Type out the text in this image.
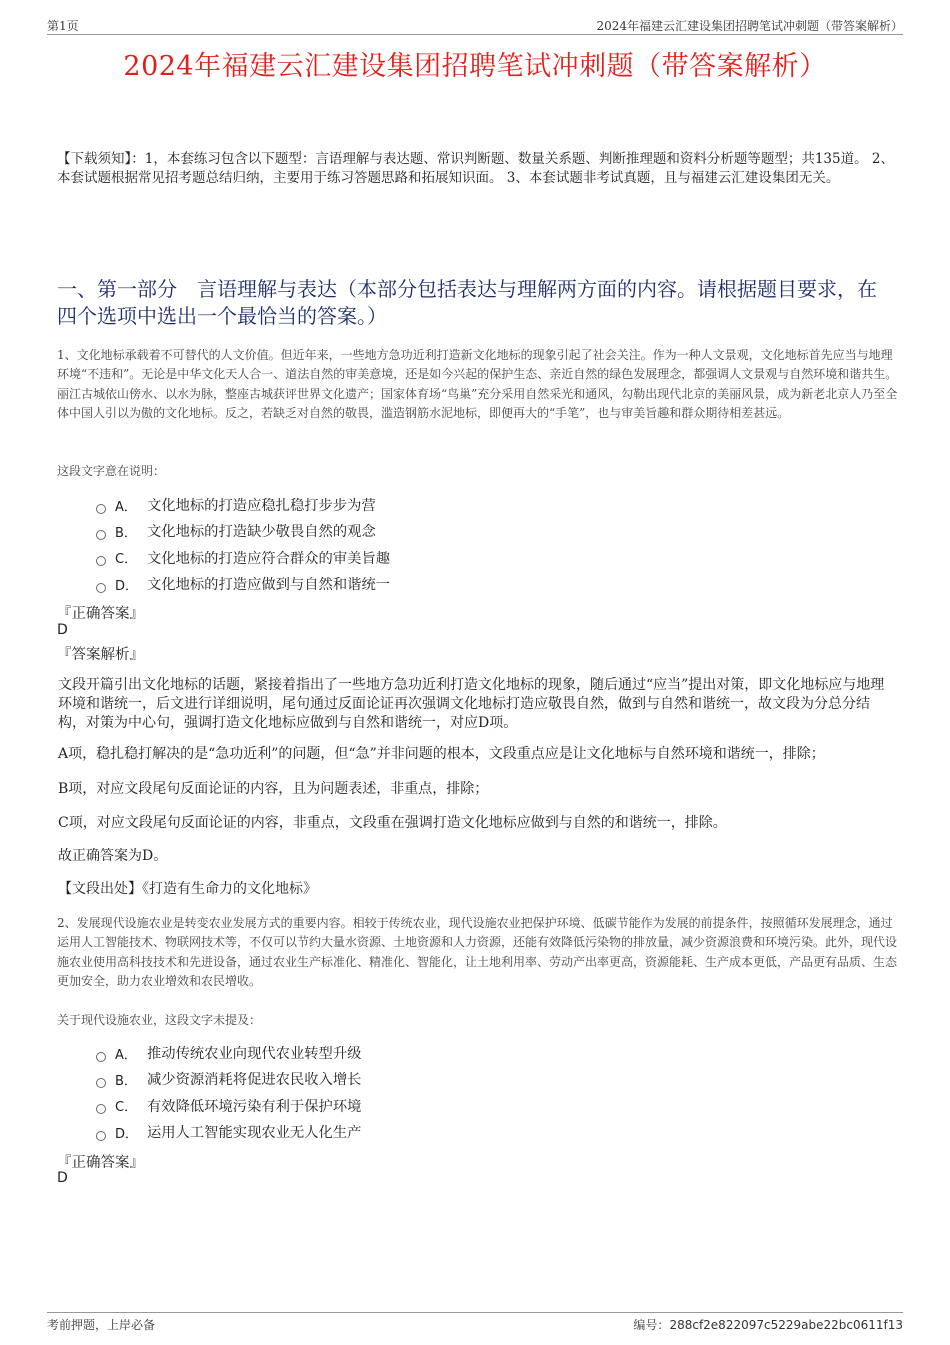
第1页	2024年福建云汇建设集团招聘笔试冲刺题（带答案解析）
2024年福建云汇建设集团招聘笔试冲刺题（带答案解析）
【下载须知】：1，本套练习包含以下题型：言语理解与表达题、常识判断题、数量关系题、判断推理题和资料分析题等题型；共135道。 2、本套试题根据常见招考题总结归纳，主要用于练习答题思路和拓展知识面。 3、本套试题非考试真题，且与福建云汇建设集团无关。
一、第一部分　言语理解与表达（本部分包括表达与理解两方面的内容。请根据题目要求，在四个选项中选出一个最恰当的答案。）
1、文化地标承载着不可替代的人文价值。但近年来，一些地方急功近利打造新文化地标的现象引起了社会关注。作为一种人文景观，文化地标首先应当与地理环境“不违和”。无论是中华文化天人合一、道法自然的审美意境，还是如今兴起的保护生态、亲近自然的绿色发展理念，都强调人文景观与自然环境和谐共生。丽江古城依山傍水、以水为脉，整座古城获评世界文化遗产；国家体育场“鸟巢”充分采用自然采光和通风，勾勒出现代北京的美丽风景，成为新老北京人乃至全体中国人引以为傲的文化地标。反之，若缺乏对自然的敬畏，滥造钢筋水泥地标，即便再大的“手笔”，也与审美旨趣和群众期待相差甚远。
这段文字意在说明：
A． 文化地标的打造应稳扎稳打步步为营
B． 文化地标的打造缺少敬畏自然的观念
C． 文化地标的打造应符合群众的审美旨趣
D． 文化地标的打造应做到与自然和谐统一
『正确答案』
D
『答案解析』
文段开篇引出文化地标的话题，紧接着指出了一些地方急功近利打造文化地标的现象，随后通过“应当”提出对策，即文化地标应与地理环境和谐统一，后文进行详细说明，尾句通过反面论证再次强调文化地标打造应敬畏自然，做到与自然和谐统一，故文段为分总分结构，对策为中心句，强调打造文化地标应做到与自然和谐统一，对应D项。
A项，稳扎稳打解决的是“急功近利”的问题，但“急”并非问题的根本，文段重点应是让文化地标与自然环境和谐统一，排除；
B项，对应文段尾句反面论证的内容，且为问题表述，非重点，排除；
C项，对应文段尾句反面论证的内容，非重点，文段重在强调打造文化地标应做到与自然的和谐统一，排除。
故正确答案为D。
【文段出处】《打造有生命力的文化地标》
2、发展现代设施农业是转变农业发展方式的重要内容。相较于传统农业，现代设施农业把保护环境、低碳节能作为发展的前提条件，按照循环发展理念，通过运用人工智能技术、物联网技术等，不仅可以节约大量水资源、土地资源和人力资源，还能有效降低污染物的排放量，减少资源浪费和环境污染。此外，现代设施农业使用高科技技术和先进设备，通过农业生产标准化、精准化、智能化，让土地利用率、劳动产出率更高，资源能耗、生产成本更低，产品更有品质、生态更加安全，助力农业增效和农民增收。
关于现代设施农业，这段文字未提及：
A． 推动传统农业向现代农业转型升级
B． 减少资源消耗将促进农民收入增长
C． 有效降低环境污染有利于保护环境
D． 运用人工智能实现农业无人化生产
『正确答案』
D
考前押题，上岸必备	编号：288cf2e822097c5229abe22bc0611f13
